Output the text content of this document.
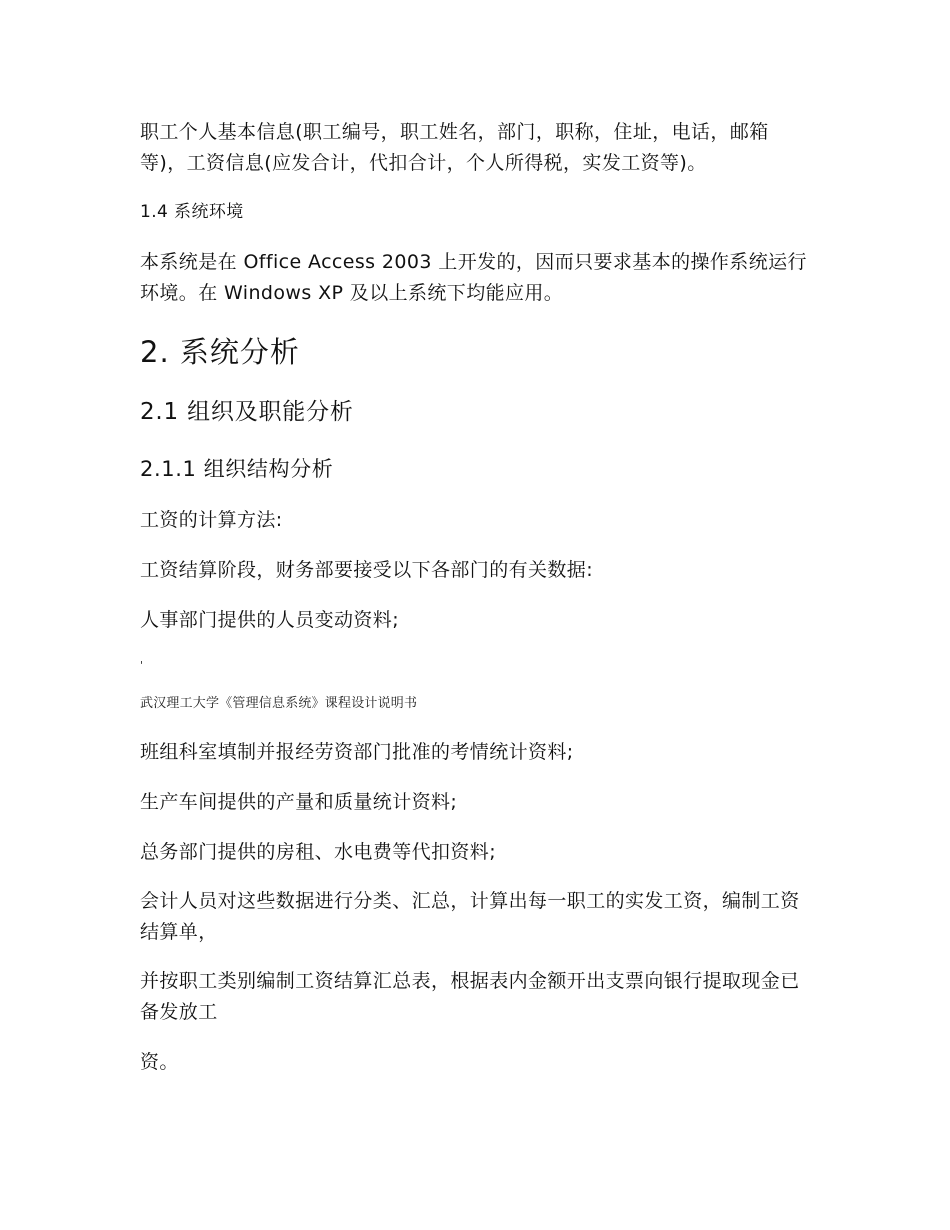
职工个人基本信息(职工编号，职工姓名，部门，职称，住址，电话，邮箱等)，工资信息(应发合计，代扣合计，个人所得税，实发工资等)。

1.4 系统环境

本系统是在 Office Access 2003 上开发的，因而只要求基本的操作系统运行环境。在 Windows XP 及以上系统下均能应用。

2. 系统分析
2.1 组织及职能分析
2.1.1 组织结构分析

工资的计算方法:

工资结算阶段，财务部要接受以下各部门的有关数据:

人事部门提供的人员变动资料;

'
武汉理工大学《管理信息系统》课程设计说明书

班组科室填制并报经劳资部门批准的考情统计资料;

生产车间提供的产量和质量统计资料;

总务部门提供的房租、水电费等代扣资料;

会计人员对这些数据进行分类、汇总，计算出每一职工的实发工资，编制工资结算单，

并按职工类别编制工资结算汇总表，根据表内金额开出支票向银行提取现金已备发放工

资。
